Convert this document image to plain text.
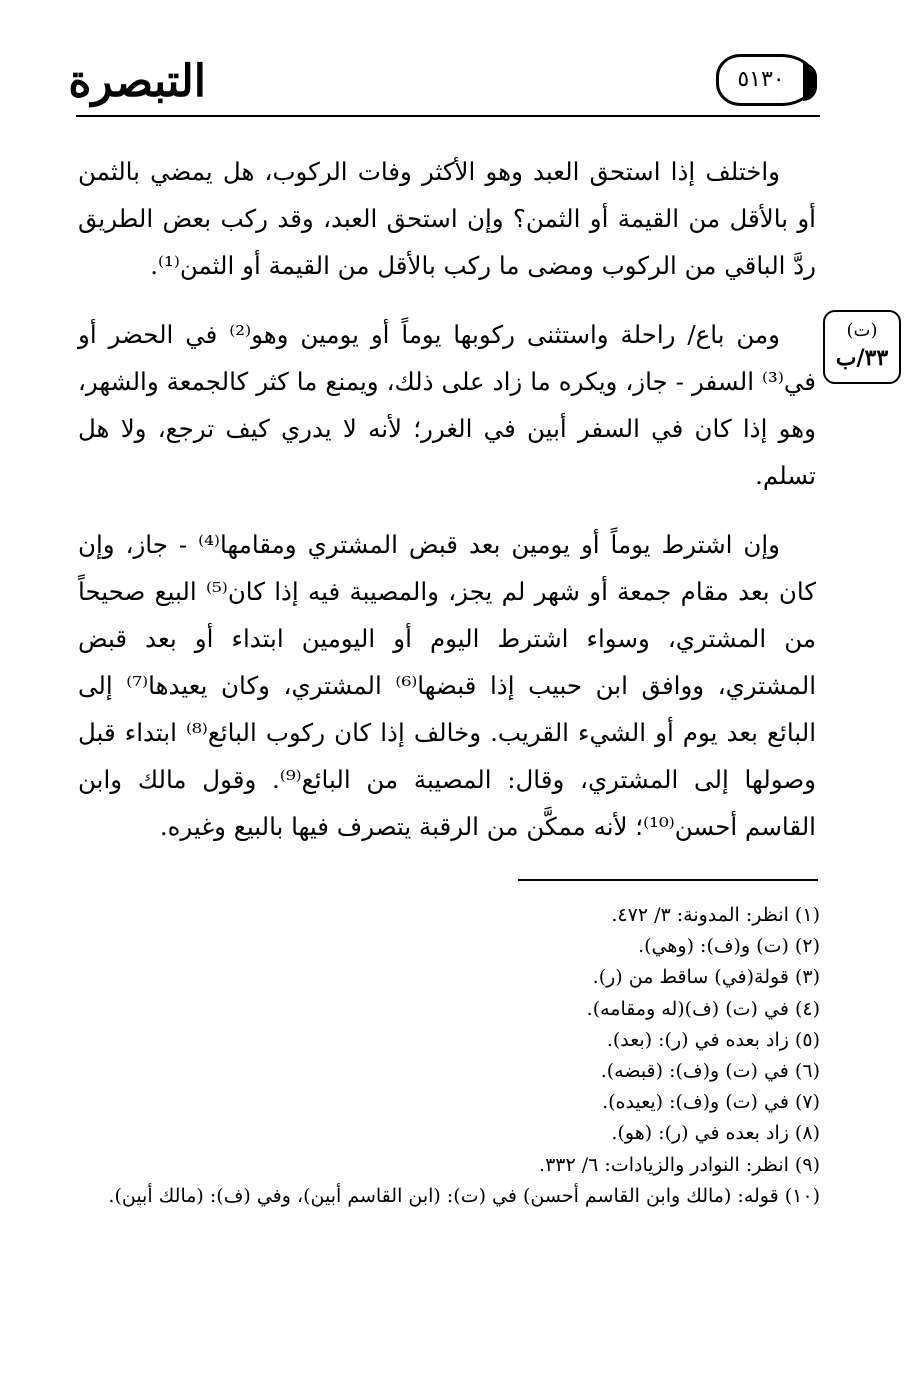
التبصرة	٥١٣٠

واختلف إذا استحق العبد وهو الأكثر وفات الركوب، هل يمضي بالثمن أو بالأقل من القيمة أو الثمن؟ وإن استحق العبد، وقد ركب بعض الطريق ردَّ الباقي من الركوب ومضى ما ركب بالأقل من القيمة أو الثمن⁽¹⁾.

ومن باع/ راحلة واستثنى ركوبها يوماً أو يومين وهو⁽²⁾ في الحضر أو في⁽³⁾ السفر - جاز، ويكره ما زاد على ذلك، ويمنع ما كثر كالجمعة والشهر، وهو إذا كان في السفر أبين في الغرر؛ لأنه لا يدري كيف ترجع، ولا هل تسلم.

وإن اشترط يوماً أو يومين بعد قبض المشتري ومقامها⁽⁴⁾ - جاز، وإن كان بعد مقام جمعة أو شهر لم يجز، والمصيبة فيه إذا كان⁽⁵⁾ البيع صحيحاً من المشتري، وسواء اشترط اليوم أو اليومين ابتداء أو بعد قبض المشتري، ووافق ابن حبيب إذا قبضها⁽⁶⁾ المشتري، وكان يعيدها⁽⁷⁾ إلى البائع بعد يوم أو الشيء القريب. وخالف إذا كان ركوب البائع⁽⁸⁾ ابتداء قبل وصولها إلى المشتري، وقال: المصيبة من البائع⁽⁹⁾. وقول مالك وابن القاسم أحسن⁽¹⁰⁾؛ لأنه ممكَّن من الرقبة يتصرف فيها بالبيع وغيره.

(ت)
٣٣/ب
(١) انظر: المدونة: ٣/ ٤٧٢.
(٢) (ت) و(ف): (وهي).
(٣) قولة(في) ساقط من (ر).
(٤) في (ت) (ف)(له ومقامه).
(٥) زاد بعده في (ر): (بعد).
(٦) في (ت) و(ف): (قبضه).
(٧) في (ت) و(ف): (يعيده).
(٨) زاد بعده في (ر): (هو).
(٩) انظر: النوادر والزيادات: ٦/ ٣٣٢.
(١٠) قوله: (مالك وابن القاسم أحسن) في (ت): (ابن القاسم أبين)، وفي (ف): (مالك أبين).
